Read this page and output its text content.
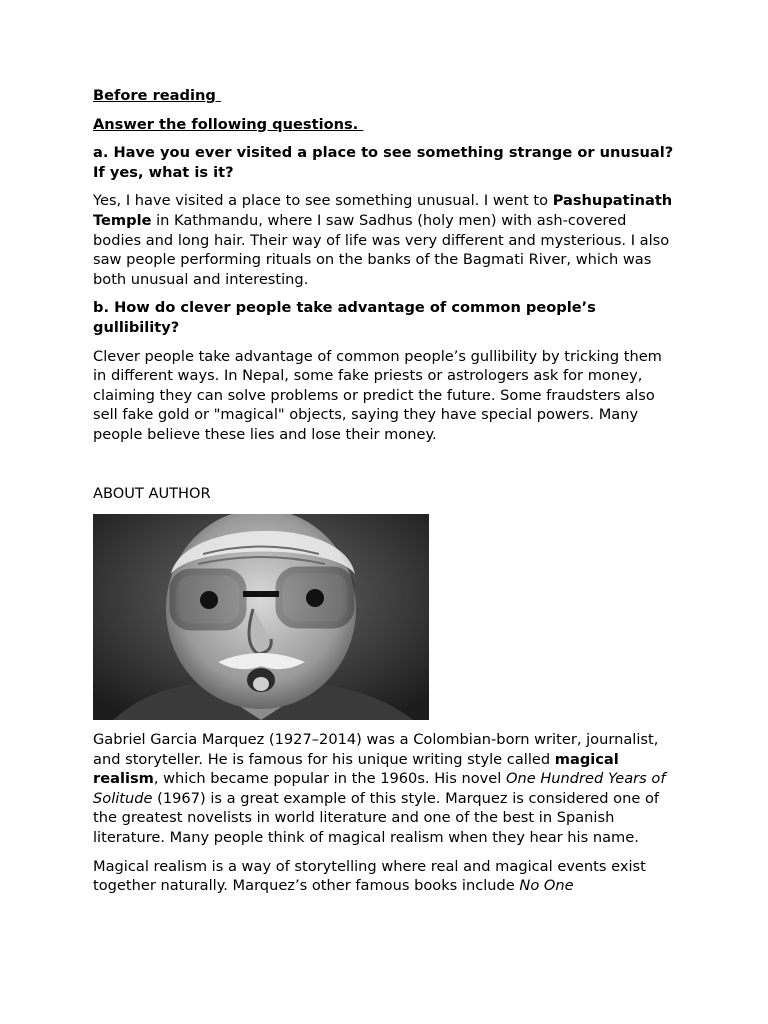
Before reading

Answer the following questions.

a. Have you ever visited a place to see something strange or unusual? If yes, what is it?

Yes, I have visited a place to see something unusual. I went to Pashupatinath Temple in Kathmandu, where I saw Sadhus (holy men) with ash-covered bodies and long hair. Their way of life was very different and mysterious. I also saw people performing rituals on the banks of the Bagmati River, which was both unusual and interesting.

b. How do clever people take advantage of common people’s gullibility?

Clever people take advantage of common people’s gullibility by tricking them in different ways. In Nepal, some fake priests or astrologers ask for money, claiming they can solve problems or predict the future. Some fraudsters also sell fake gold or "magical" objects, saying they have special powers. Many people believe these lies and lose their money.

ABOUT AUTHOR

Gabriel Garcia Marquez (1927–2014) was a Colombian-born writer, journalist, and storyteller. He is famous for his unique writing style called magical realism, which became popular in the 1960s. His novel One Hundred Years of Solitude (1967) is a great example of this style. Marquez is considered one of the greatest novelists in world literature and one of the best in Spanish literature. Many people think of magical realism when they hear his name.

Magical realism is a way of storytelling where real and magical events exist together naturally. Marquez’s other famous books include No One
